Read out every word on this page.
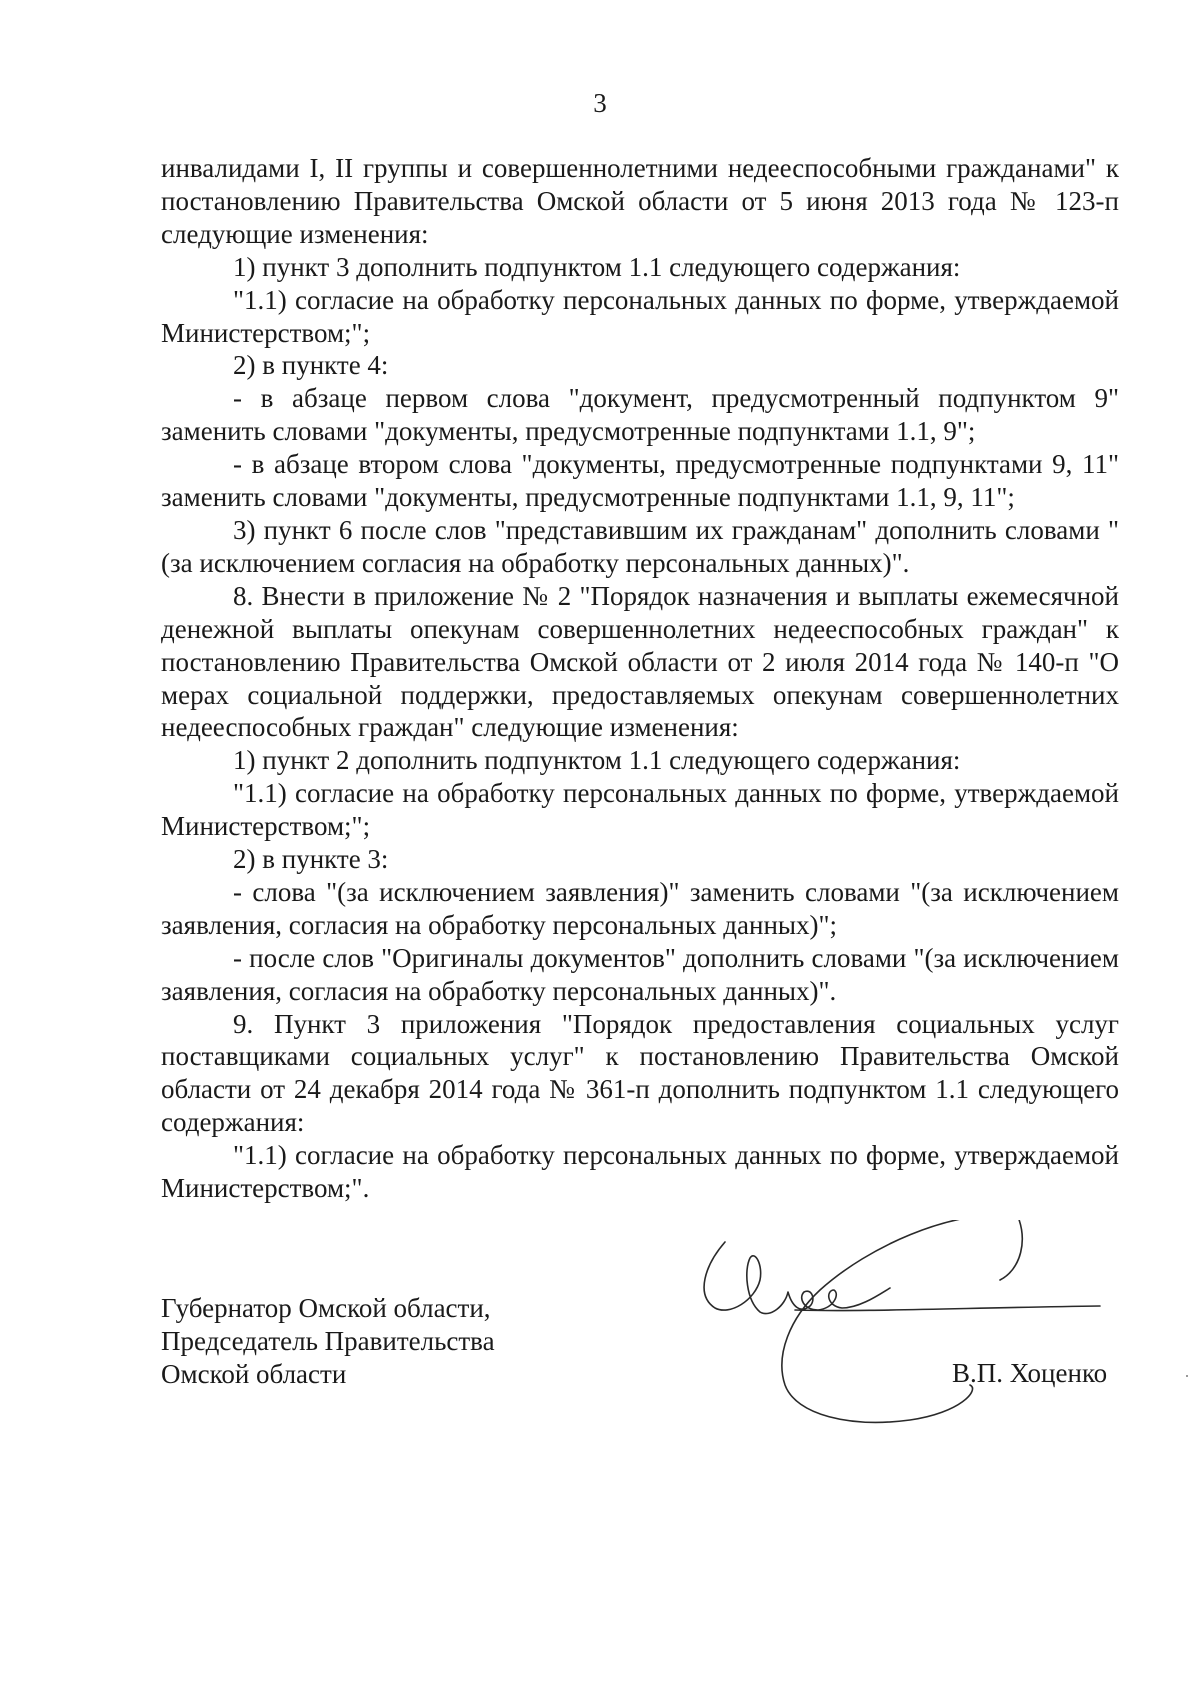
3

инвалидами I, II группы и совершеннолетними недееспособными гражданами" к постановлению Правительства Омской области от 5 июня 2013 года № 123-п следующие изменения:

1) пункт 3 дополнить подпунктом 1.1 следующего содержания:

"1.1) согласие на обработку персональных данных по форме, утверждаемой Министерством;";

2) в пункте 4:

- в абзаце первом слова "документ, предусмотренный подпунктом 9" заменить словами "документы, предусмотренные подпунктами 1.1, 9";

- в абзаце втором слова "документы, предусмотренные подпунктами 9, 11" заменить словами "документы, предусмотренные подпунктами 1.1, 9, 11";

3) пункт 6 после слов "представившим их гражданам" дополнить словами "(за исключением согласия на обработку персональных данных)".

8. Внести в приложение № 2 "Порядок назначения и выплаты ежемесячной денежной выплаты опекунам совершеннолетних недееспособных граждан" к постановлению Правительства Омской области от 2 июля 2014 года № 140-п "О мерах социальной поддержки, предоставляемых опекунам совершеннолетних недееспособных граждан" следующие изменения:

1) пункт 2 дополнить подпунктом 1.1 следующего содержания:

"1.1) согласие на обработку персональных данных по форме, утверждаемой Министерством;";

2) в пункте 3:

- слова "(за исключением заявления)" заменить словами "(за исключением заявления, согласия на обработку персональных данных)";

- после слов "Оригиналы документов" дополнить словами "(за исключением заявления, согласия на обработку персональных данных)".

9. Пункт 3 приложения "Порядок предоставления социальных услуг поставщиками социальных услуг" к постановлению Правительства Омской области от 24 декабря 2014 года № 361-п дополнить подпунктом 1.1 следующего содержания:

"1.1) согласие на обработку персональных данных по форме, утверждаемой Министерством;".

Губернатор Омской области,
Председатель Правительства
Омской области	В.П. Хоценко
